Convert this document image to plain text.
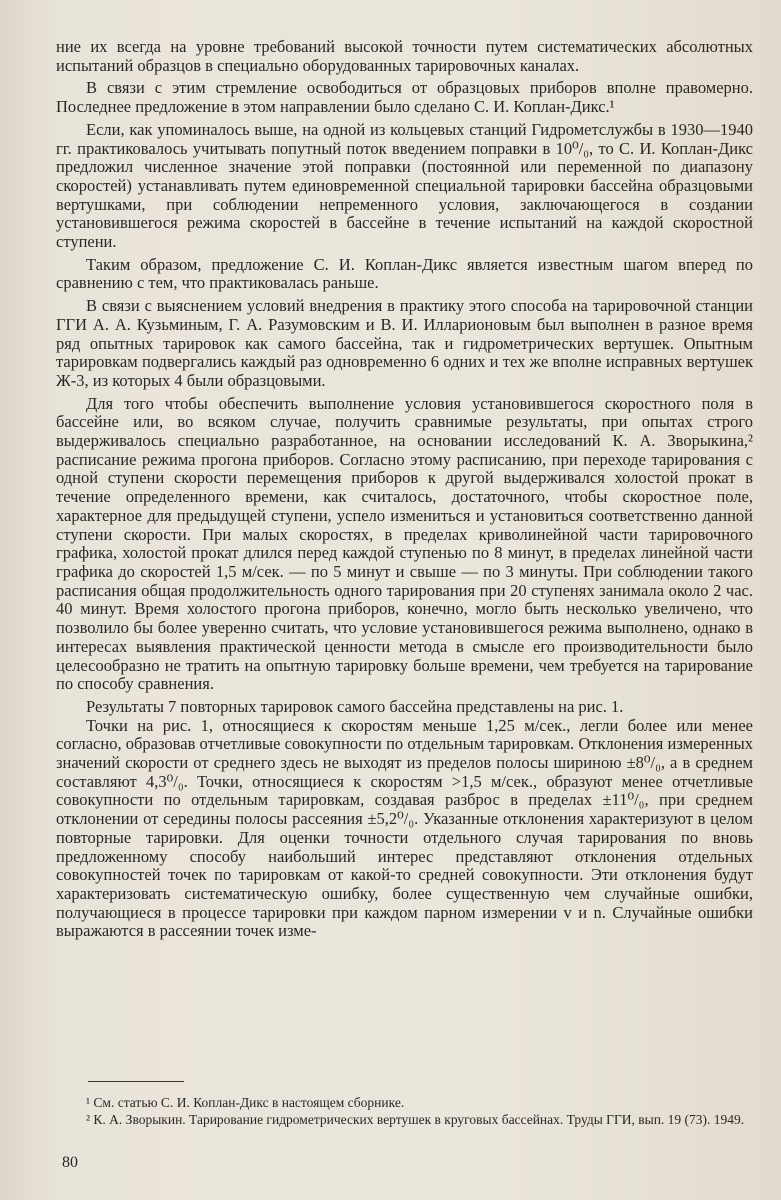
ние их всегда на уровне требований высокой точности путем систематических абсолютных испытаний образцов в специально оборудованных тарировочных каналах.

В связи с этим стремление освободиться от образцовых приборов вполне правомерно. Последнее предложение в этом направлении было сделано С. И. Коплан-Дикс.¹

Если, как упоминалось выше, на одной из кольцевых станций Гидрометслужбы в 1930—1940 гг. практиковалось учитывать попутный поток введением поправки в 10⁰/₀, то С. И. Коплан-Дикс предложил численное значение этой поправки (постоянной или переменной по диапазону скоростей) устанавливать путем единовременной специальной тарировки бассейна образцовыми вертушками, при соблюдении непременного условия, заключающегося в создании установившегося режима скоростей в бассейне в течение испытаний на каждой скоростной ступени.

Таким образом, предложение С. И. Коплан-Дикс является известным шагом вперед по сравнению с тем, что практиковалась раньше.

В связи с выяснением условий внедрения в практику этого способа на тарировочной станции ГГИ А. А. Кузьминым, Г. А. Разумовским и В. И. Илларионовым был выполнен в разное время ряд опытных тарировок как самого бассейна, так и гидрометрических вертушек. Опытным тарировкам подвергались каждый раз одновременно 6 одних и тех же вполне исправных вертушек Ж-3, из которых 4 были образцовыми.

Для того чтобы обеспечить выполнение условия установившегося скоростного поля в бассейне или, во всяком случае, получить сравнимые результаты, при опытах строго выдерживалось специально разработанное, на основании исследований К. А. Зворыкина,² расписание режима прогона приборов. Согласно этому расписанию, при переходе тарирования с одной ступени скорости перемещения приборов к другой выдерживался холостой прокат в течение определенного времени, как считалось, достаточного, чтобы скоростное поле, характерное для предыдущей ступени, успело измениться и установиться соответственно данной ступени скорости. При малых скоростях, в пределах криволинейной части тарировочного графика, холостой прокат длился перед каждой ступенью по 8 минут, в пределах линейной части графика до скоростей 1,5 м/сек. — по 5 минут и свыше — по 3 минуты. При соблюдении такого расписания общая продолжительность одного тарирования при 20 ступенях занимала около 2 час. 40 минут. Время холостого прогона приборов, конечно, могло быть несколько увеличено, что позволило бы более уверенно считать, что условие установившегося режима выполнено, однако в интересах выявления практической ценности метода в смысле его производительности было целесообразно не тратить на опытную тарировку больше времени, чем требуется на тарирование по способу сравнения.

Результаты 7 повторных тарировок самого бассейна представлены на рис. 1.

Точки на рис. 1, относящиеся к скоростям меньше 1,25 м/сек., легли более или менее согласно, образовав отчетливые совокупности по отдельным тарировкам. Отклонения измеренных значений скорости от среднего здесь не выходят из пределов полосы шириною ±8⁰/₀, а в среднем составляют 4,3⁰/₀. Точки, относящиеся к скоростям >1,5 м/сек., образуют менее отчетливые совокупности по отдельным тарировкам, создавая разброс в пределах ±11⁰/₀, при среднем отклонении от середины полосы рассеяния ±5,2⁰/₀. Указанные отклонения характеризуют в целом повторные тарировки. Для оценки точности отдельного случая тарирования по вновь предложенному способу наибольший интерес представляют отклонения отдельных совокупностей точек по тарировкам от какой-то средней совокупности. Эти отклонения будут характеризовать систематическую ошибку, более существенную чем случайные ошибки, получающиеся в процессе тарировки при каждом парном измерении v и n. Случайные ошибки выражаются в рассеянии точек изме-

¹ См. статью С. И. Коплан-Дикс в настоящем сборнике.

² К. А. Зворыкин. Тарирование гидрометрических вертушек в круговых бассейнах. Труды ГГИ, вып. 19 (73). 1949.

80
